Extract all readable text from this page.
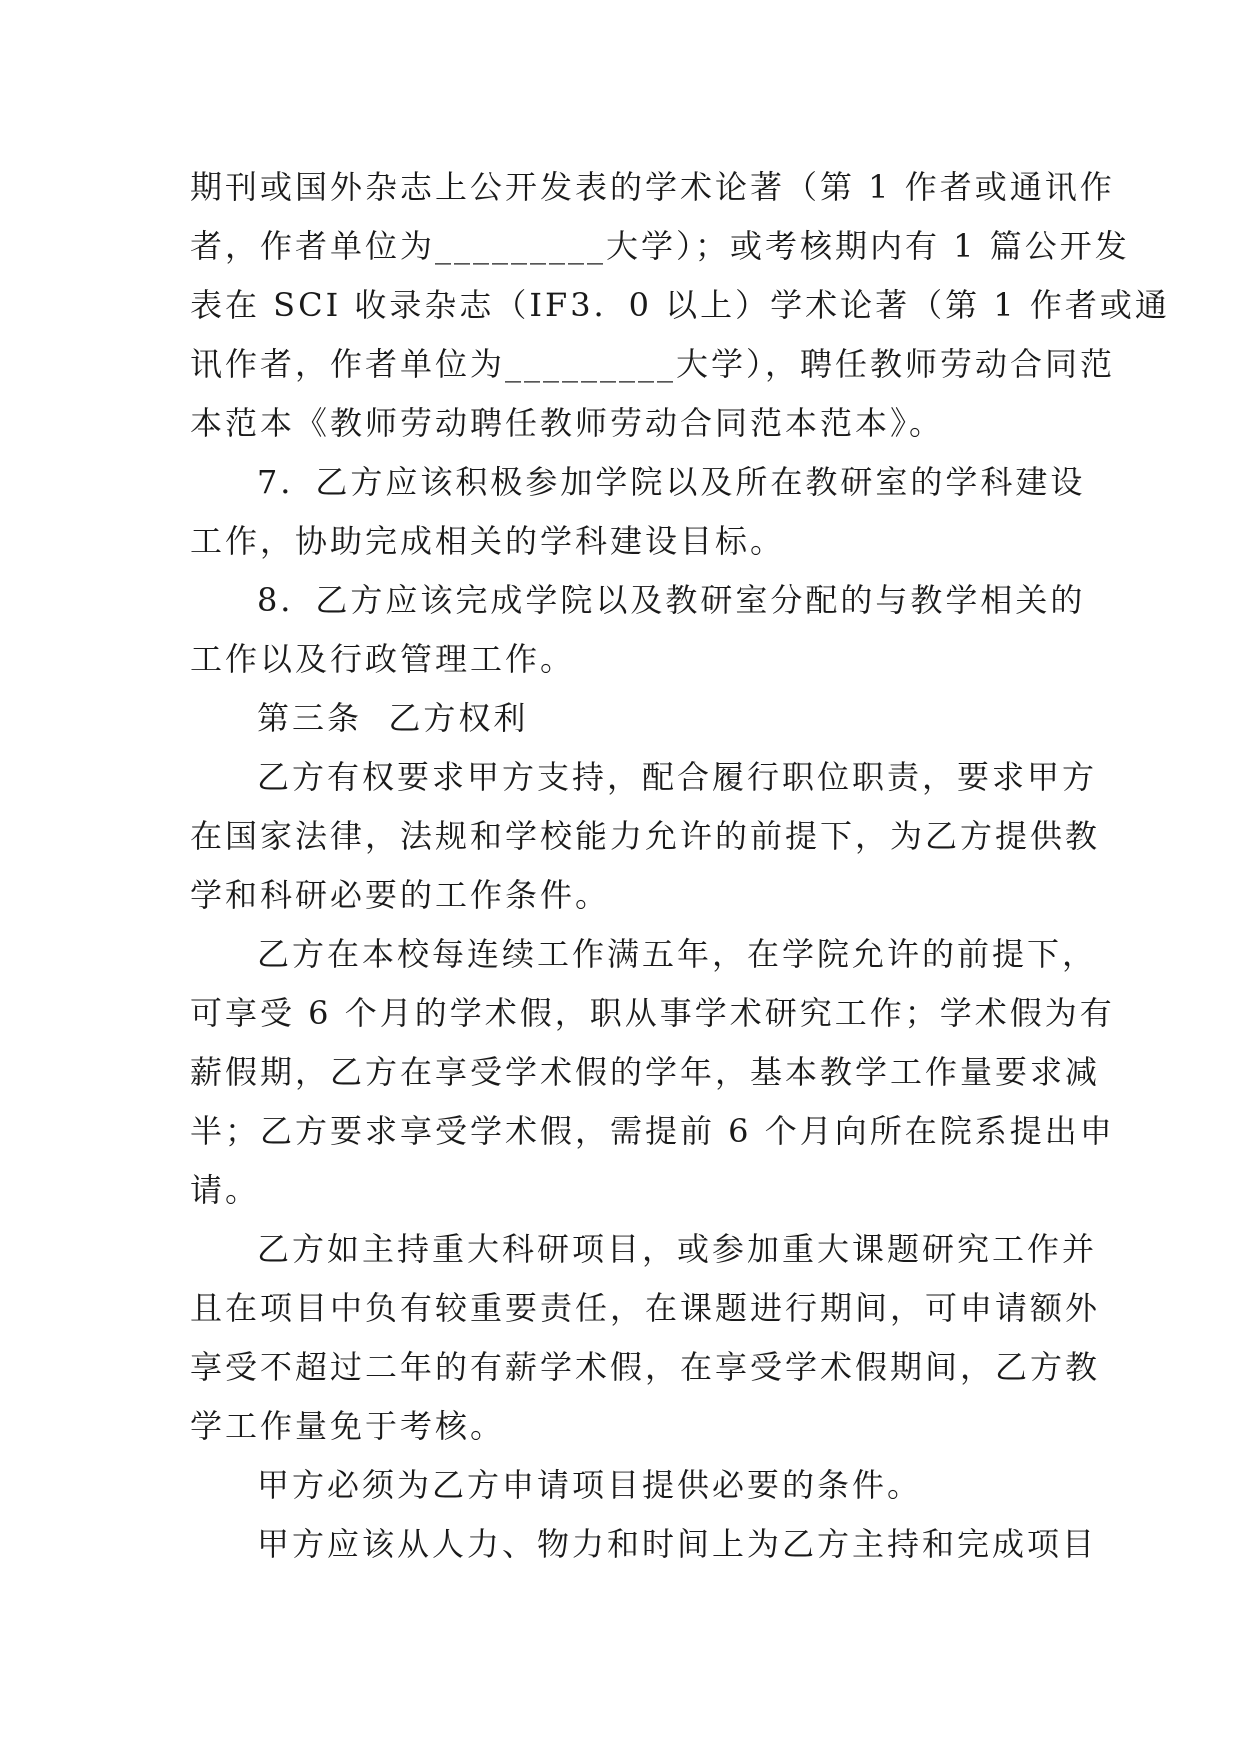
期刊或国外杂志上公开发表的学术论著（第 1 作者或通讯作
者，作者单位为_________大学）；或考核期内有 1 篇公开发
表在 SCI 收录杂志（IF3．0 以上）学术论著（第 1 作者或通
讯作者，作者单位为_________大学），聘任教师劳动合同范
本范本《教师劳动聘任教师劳动合同范本范本》。

7．乙方应该积极参加学院以及所在教研室的学科建设
工作，协助完成相关的学科建设目标。

8．乙方应该完成学院以及教研室分配的与教学相关的
工作以及行政管理工作。

第三条  乙方权利

乙方有权要求甲方支持，配合履行职位职责，要求甲方
在国家法律，法规和学校能力允许的前提下，为乙方提供教
学和科研必要的工作条件。

乙方在本校每连续工作满五年，在学院允许的前提下，
可享受 6 个月的学术假，职从事学术研究工作；学术假为有
薪假期，乙方在享受学术假的学年，基本教学工作量要求减
半；乙方要求享受学术假，需提前 6 个月向所在院系提出申
请。

乙方如主持重大科研项目，或参加重大课题研究工作并
且在项目中负有较重要责任，在课题进行期间，可申请额外
享受不超过二年的有薪学术假，在享受学术假期间，乙方教
学工作量免于考核。

甲方必须为乙方申请项目提供必要的条件。

甲方应该从人力、物力和时间上为乙方主持和完成项目
